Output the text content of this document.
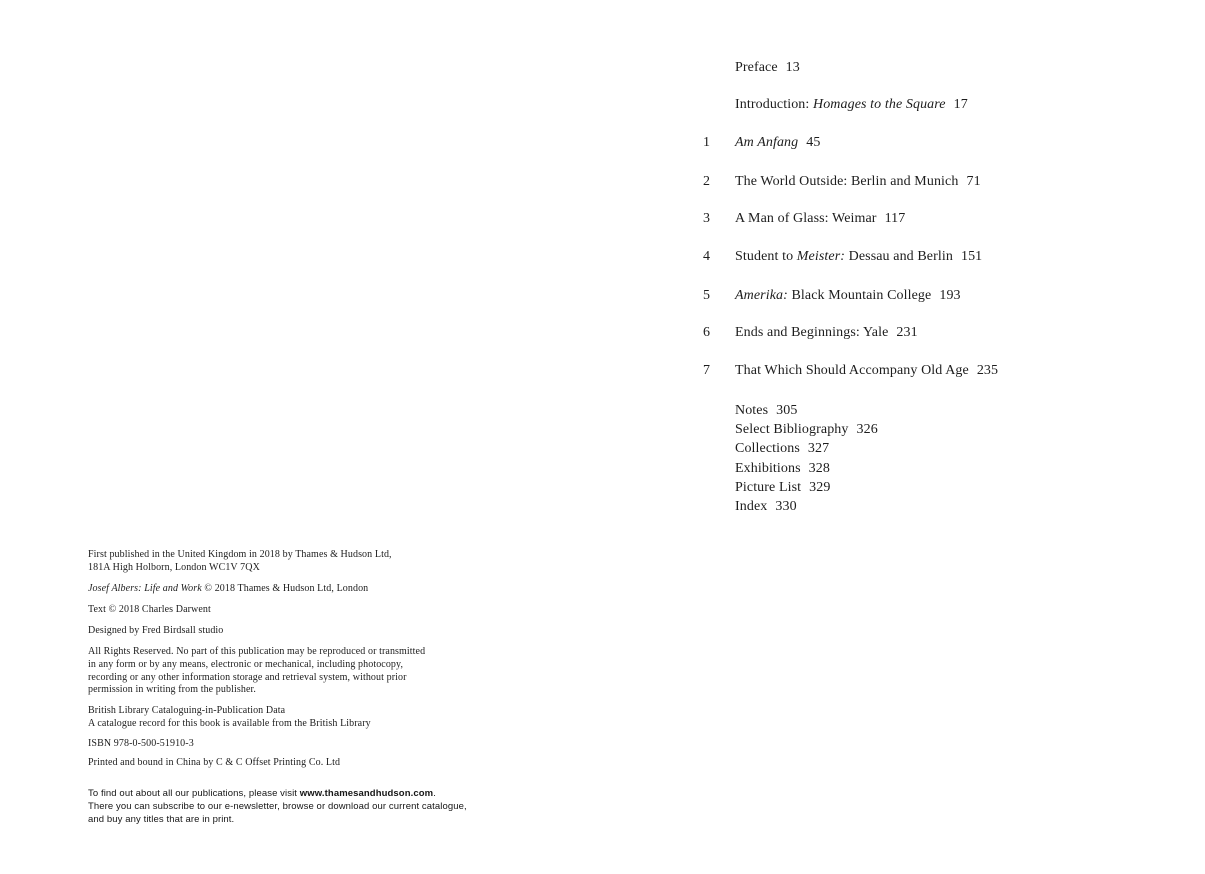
Preface 13
Introduction: Homages to the Square 17
1 Am Anfang 45
2 The World Outside: Berlin and Munich 71
3 A Man of Glass: Weimar 117
4 Student to Meister: Dessau and Berlin 151
5 Amerika: Black Mountain College 193
6 Ends and Beginnings: Yale 231
7 That Which Should Accompany Old Age 235
Notes 305
Select Bibliography 326
Collections 327
Exhibitions 328
Picture List 329
Index 330

First published in the United Kingdom in 2018 by Thames & Hudson Ltd,
181A High Holborn, London WC1V 7QX

Josef Albers: Life and Work © 2018 Thames & Hudson Ltd, London

Text © 2018 Charles Darwent

Designed by Fred Birdsall studio

All Rights Reserved. No part of this publication may be reproduced or transmitted
in any form or by any means, electronic or mechanical, including photocopy,
recording or any other information storage and retrieval system, without prior
permission in writing from the publisher.

British Library Cataloguing-in-Publication Data
A catalogue record for this book is available from the British Library

ISBN 978-0-500-51910-3

Printed and bound in China by C & C Offset Printing Co. Ltd

To find out about all our publications, please visit www.thamesandhudson.com.
There you can subscribe to our e-newsletter, browse or download our current catalogue,
and buy any titles that are in print.
